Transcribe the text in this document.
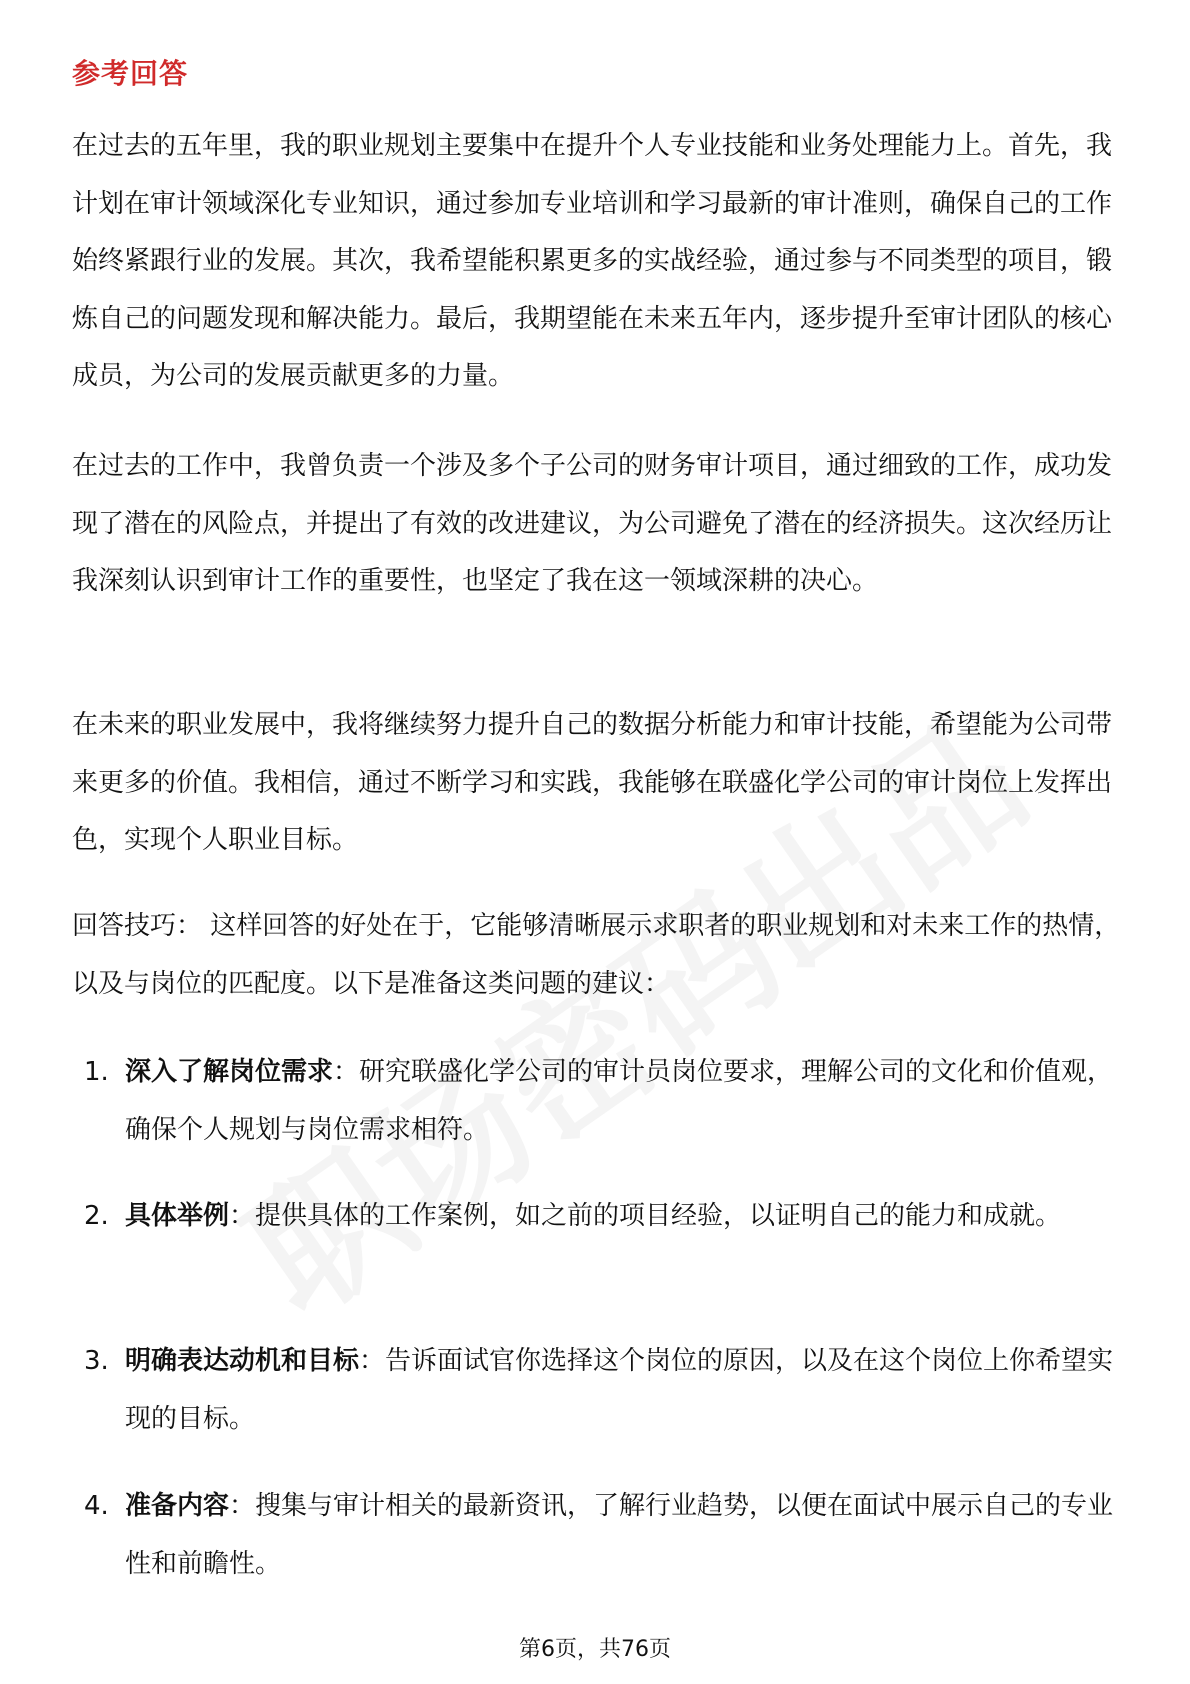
参考回答

在过去的五年里，我的职业规划主要集中在提升个人专业技能和业务处理能力上。首先，我计划在审计领域深化专业知识，通过参加专业培训和学习最新的审计准则，确保自己的工作始终紧跟行业的发展。其次，我希望能积累更多的实战经验，通过参与不同类型的项目，锻炼自己的问题发现和解决能力。最后，我期望能在未来五年内，逐步提升至审计团队的核心成员，为公司的发展贡献更多的力量。

在过去的工作中，我曾负责一个涉及多个子公司的财务审计项目，通过细致的工作，成功发现了潜在的风险点，并提出了有效的改进建议，为公司避免了潜在的经济损失。这次经历让我深刻认识到审计工作的重要性，也坚定了我在这一领域深耕的决心。

在未来的职业发展中，我将继续努力提升自己的数据分析能力和审计技能，希望能为公司带来更多的价值。我相信，通过不断学习和实践，我能够在联盛化学公司的审计岗位上发挥出色，实现个人职业目标。

回答技巧： 这样回答的好处在于，它能够清晰展示求职者的职业规划和对未来工作的热情，以及与岗位的匹配度。以下是准备这类问题的建议：

1. 深入了解岗位需求：研究联盛化学公司的审计员岗位要求，理解公司的文化和价值观，确保个人规划与岗位需求相符。
2. 具体举例：提供具体的工作案例，如之前的项目经验，以证明自己的能力和成就。
3. 明确表达动机和目标：告诉面试官你选择这个岗位的原因，以及在这个岗位上你希望实现的目标。
4. 准备内容：搜集与审计相关的最新资讯，了解行业趋势，以便在面试中展示自己的专业性和前瞻性。
第6页，共76页
